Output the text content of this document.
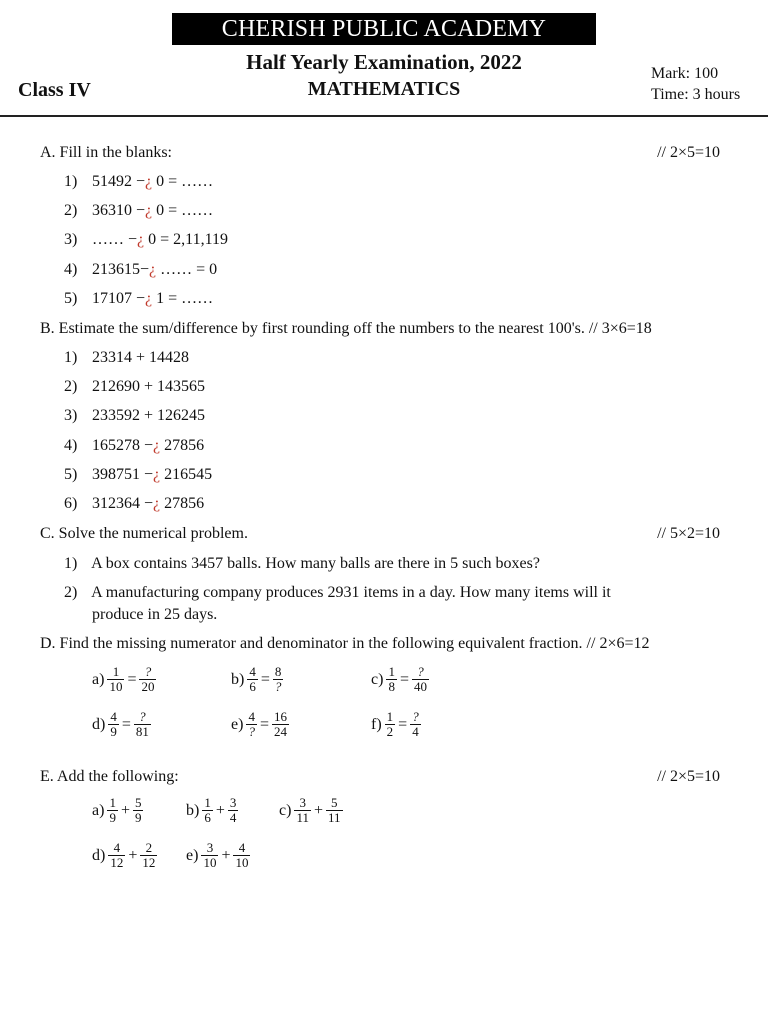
CHERISH PUBLIC ACADEMY
Half Yearly Examination, 2022
MATHEMATICS
Class IV
Mark: 100
Time: 3 hours
A. Fill in the blanks:	// 2×5=10
1) 51492 −¿ 0 = ……
2) 36310 −¿ 0 = ……
3) …… −¿ 0 = 2,11,119
4) 213615−¿ …… = 0
5) 17107 −¿ 1 = ……
B. Estimate the sum/difference by first rounding off the numbers to the nearest 100's. // 3×6=18
1) 23314 + 14428
2) 212690 + 143565
3) 233592 + 126245
4) 165278 −¿ 27856
5) 398751 −¿ 216545
6) 312364 −¿ 27856
C. Solve the numerical problem.	// 5×2=10
1) A box contains 3457 balls. How many balls are there in 5 such boxes?
2) A manufacturing company produces 2931 items in a day. How many items will it
produce in 25 days.
D. Find the missing numerator and denominator in the following equivalent fraction. // 2×6=12
$a) \frac{1}{10} = \frac{?}{20}$	$b) \frac{4}{6} = \frac{8}{?}$	$c) \frac{1}{8} = \frac{?}{40}$
$d) \frac{4}{9} = \frac{?}{81}$	$e) \frac{4}{?} = \frac{16}{24}$	$f) \frac{1}{2} = \frac{?}{4}$
E. Add the following:	// 2×5=10
$a) \frac{1}{9} + \frac{5}{9}$	$b) \frac{1}{6} + \frac{3}{4}$	$c) \frac{3}{11} + \frac{5}{11}$
$d) \frac{4}{12} + \frac{2}{12} e) \frac{3}{10} + \frac{4}{10}$
